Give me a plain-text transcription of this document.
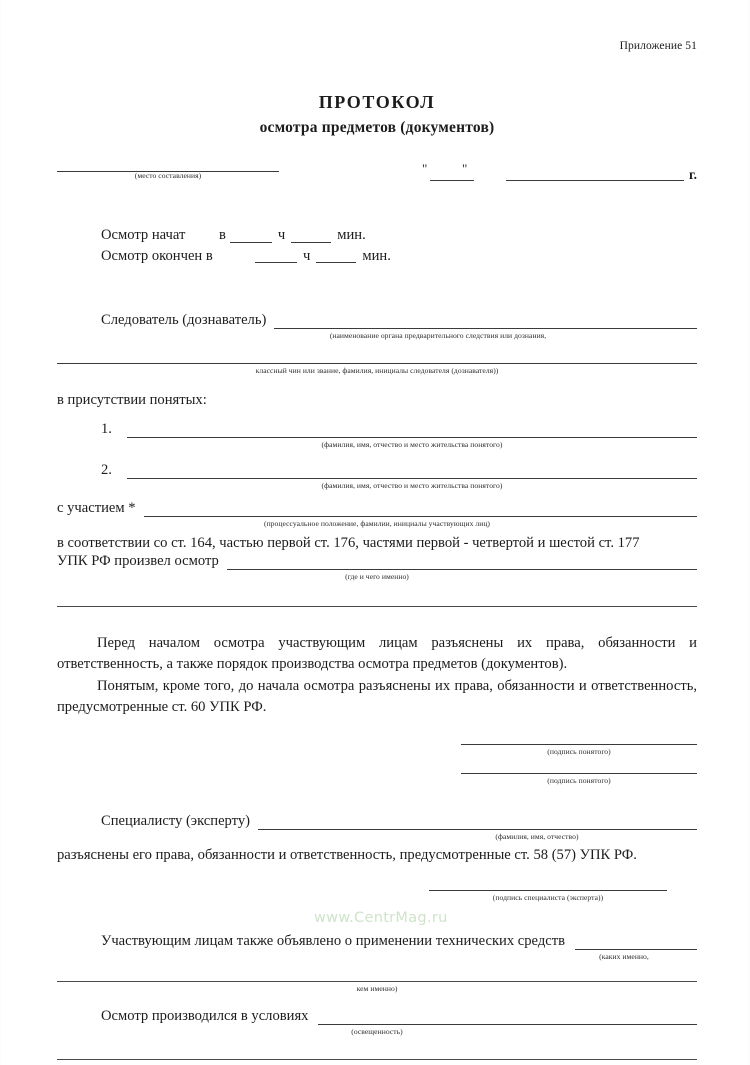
Приложение 51
ПРОТОКОЛ
осмотра предметов (документов)
(место составления)	"	"	г.
Осмотр начат	в	ч	мин.
Осмотр окончен в	ч	мин.
Следователь (дознаватель)
(наименование органа предварительного следствия или дознания,
классный чин или звание, фамилия, инициалы следователя (дознавателя))
в присутствии понятых:
1.
(фамилия, имя, отчество и место жительства понятого)
2.
(фамилия, имя, отчество и место жительства понятого)
с участием *
(процессуальное положение, фамилии, инициалы участвующих лиц)
в соответствии со ст. 164, частью первой ст. 176, частями первой - четвертой и шестой ст. 177
УПК РФ произвел осмотр
(где и чего именно)

Перед началом осмотра участвующим лицам разъяснены их права, обязанности и ответственность, а также порядок производства осмотра предметов (документов).

Понятым, кроме того, до начала осмотра разъяснены их права, обязанности и ответственность, предусмотренные ст. 60 УПК РФ.

(подпись понятого)
(подпись понятого)
Специалисту (эксперту)
(фамилия, имя, отчество)
разъяснены его права, обязанности и ответственность, предусмотренные ст. 58 (57) УПК РФ.
(подпись специалиста (эксперта))
Участвующим лицам также объявлено о применении технических средств
(каких именно,
кем именно)
Осмотр производился в условиях
(освещенность)
www.CentrMag.ru
